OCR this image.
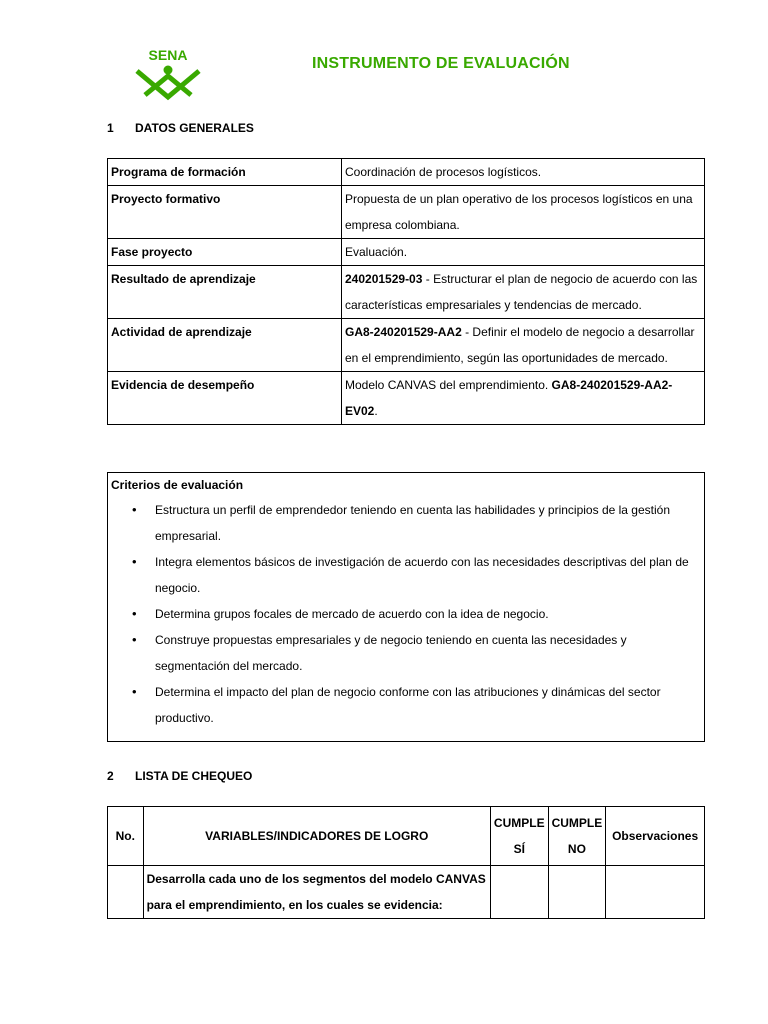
SENA	INSTRUMENTO DE EVALUACIÓN
1 DATOS GENERALES
Programa de formación	Coordinación de procesos logísticos.
Proyecto formativo	Propuesta de un plan operativo de los procesos logísticos en una empresa colombiana.
Fase proyecto	Evaluación.
Resultado de aprendizaje	240201529-03 - Estructurar el plan de negocio de acuerdo con las características empresariales y tendencias de mercado.
Actividad de aprendizaje	GA8-240201529-AA2 - Definir el modelo de negocio a desarrollar en el emprendimiento, según las oportunidades de mercado.
Evidencia de desempeño	Modelo CANVAS del emprendimiento. GA8-240201529-AA2-EV02.
Criterios de evaluación
• Estructura un perfil de emprendedor teniendo en cuenta las habilidades y principios de la gestión empresarial.
• Integra elementos básicos de investigación de acuerdo con las necesidades descriptivas del plan de negocio.
• Determina grupos focales de mercado de acuerdo con la idea de negocio.
• Construye propuestas empresariales y de negocio teniendo en cuenta las necesidades y segmentación del mercado.
• Determina el impacto del plan de negocio conforme con las atribuciones y dinámicas del sector productivo.
2 LISTA DE CHEQUEO
No.	VARIABLES/INDICADORES DE LOGRO	CUMPLE SÍ	CUMPLE NO	Observaciones
	Desarrolla cada uno de los segmentos del modelo CANVAS para el emprendimiento, en los cuales se evidencia:			
